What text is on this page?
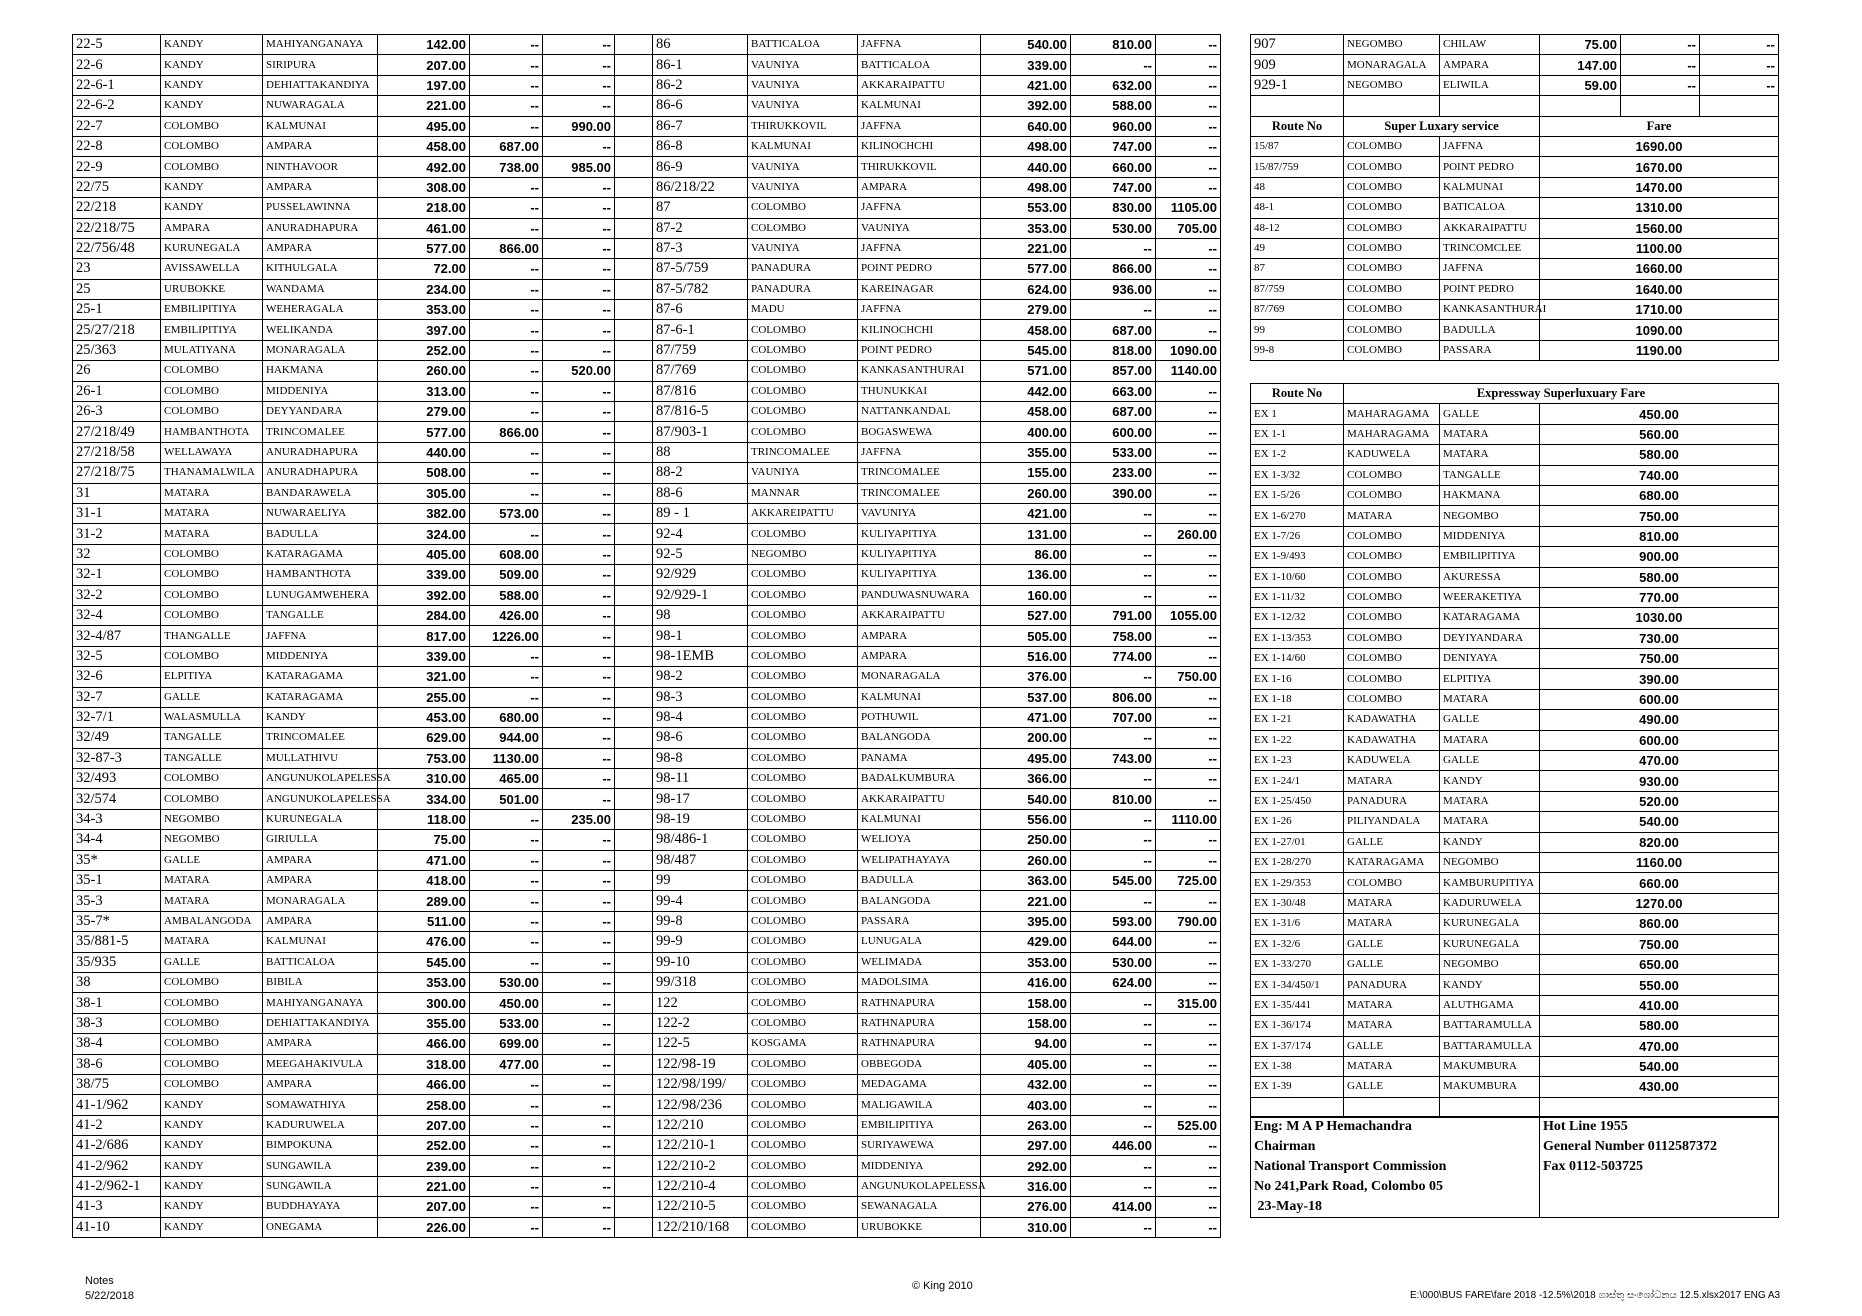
22-5	KANDY	MAHIYANGANAYA	142.00	--	--	
22-6	KANDY	SIRIPURA	207.00	--	--	
22-6-1	KANDY	DEHIATTAKANDIYA	197.00	--	--	
22-6-2	KANDY	NUWARAGALA	221.00	--	--	
22-7	COLOMBO	KALMUNAI	495.00	--	990.00	
22-8	COLOMBO	AMPARA	458.00	687.00	--	
22-9	COLOMBO	NINTHAVOOR	492.00	738.00	985.00	
22/75	KANDY	AMPARA	308.00	--	--	
22/218	KANDY	PUSSELAWINNA	218.00	--	--	
22/218/75	AMPARA	ANURADHAPURA	461.00	--	--	
22/756/48	KURUNEGALA	AMPARA	577.00	866.00	--	
23	AVISSAWELLA	KITHULGALA	72.00	--	--	
25	URUBOKKE	WANDAMA	234.00	--	--	
25-1	EMBILIPITIYA	WEHERAGALA	353.00	--	--	
25/27/218	EMBILIPITIYA	WELIKANDA	397.00	--	--	
25/363	MULATIYANA	MONARAGALA	252.00	--	--	
26	COLOMBO	HAKMANA	260.00	--	520.00	
26-1	COLOMBO	MIDDENIYA	313.00	--	--	
26-3	COLOMBO	DEYYANDARA	279.00	--	--	
27/218/49	HAMBANTHOTA	TRINCOMALEE	577.00	866.00	--	
27/218/58	WELLAWAYA	ANURADHAPURA	440.00	--	--	
27/218/75	THANAMALWILA	ANURADHAPURA	508.00	--	--	
31	MATARA	BANDARAWELA	305.00	--	--	
31-1	MATARA	NUWARAELIYA	382.00	573.00	--	
31-2	MATARA	BADULLA	324.00	--	--	
32	COLOMBO	KATARAGAMA	405.00	608.00	--	
32-1	COLOMBO	HAMBANTHOTA	339.00	509.00	--	
32-2	COLOMBO	LUNUGAMWEHERA	392.00	588.00	--	
32-4	COLOMBO	TANGALLE	284.00	426.00	--	
32-4/87	THANGALLE	JAFFNA	817.00	1226.00	--	
32-5	COLOMBO	MIDDENIYA	339.00	--	--	
32-6	ELPITIYA	KATARAGAMA	321.00	--	--	
32-7	GALLE	KATARAGAMA	255.00	--	--	
32-7/1	WALASMULLA	KANDY	453.00	680.00	--	
32/49	TANGALLE	TRINCOMALEE	629.00	944.00	--	
32-87-3	TANGALLE	MULLATHIVU	753.00	1130.00	--	
32/493	COLOMBO	ANGUNUKOLAPELESSA	310.00	465.00	--	
32/574	COLOMBO	ANGUNUKOLAPELESSA	334.00	501.00	--	
34-3	NEGOMBO	KURUNEGALA	118.00	--	235.00	
34-4	NEGOMBO	GIRIULLA	75.00	--	--	
35*	GALLE	AMPARA	471.00	--	--	
35-1	MATARA	AMPARA	418.00	--	--	
35-3	MATARA	MONARAGALA	289.00	--	--	
35-7*	AMBALANGODA	AMPARA	511.00	--	--	
35/881-5	MATARA	KALMUNAI	476.00	--	--	
35/935	GALLE	BATTICALOA	545.00	--	--	
38	COLOMBO	BIBILA	353.00	530.00	--	
38-1	COLOMBO	MAHIYANGANAYA	300.00	450.00	--	
38-3	COLOMBO	DEHIATTAKANDIYA	355.00	533.00	--	
38-4	COLOMBO	AMPARA	466.00	699.00	--	
38-6	COLOMBO	MEEGAHAKIVULA	318.00	477.00	--	
38/75	COLOMBO	AMPARA	466.00	--	--	
41-1/962	KANDY	SOMAWATHIYA	258.00	--	--	
41-2	KANDY	KADURUWELA	207.00	--	--	
41-2/686	KANDY	BIMPOKUNA	252.00	--	--	
41-2/962	KANDY	SUNGAWILA	239.00	--	--	
41-2/962-1	KANDY	SUNGAWILA	221.00	--	--	
41-3	KANDY	BUDDHAYAYA	207.00	--	--	
41-10	KANDY	ONEGAMA	226.00	--	--	
86	BATTICALOA	JAFFNA	540.00	810.00	--
86-1	VAUNIYA	BATTICALOA	339.00	--	--
86-2	VAUNIYA	AKKARAIPATTU	421.00	632.00	--
86-6	VAUNIYA	KALMUNAI	392.00	588.00	--
86-7	THIRUKKOVIL	JAFFNA	640.00	960.00	--
86-8	KALMUNAI	KILINOCHCHI	498.00	747.00	--
86-9	VAUNIYA	THIRUKKOVIL	440.00	660.00	--
86/218/22	VAUNIYA	AMPARA	498.00	747.00	--
87	COLOMBO	JAFFNA	553.00	830.00	1105.00
87-2	COLOMBO	VAUNIYA	353.00	530.00	705.00
87-3	VAUNIYA	JAFFNA	221.00	--	--
87-5/759	PANADURA	POINT PEDRO	577.00	866.00	--
87-5/782	PANADURA	KAREINAGAR	624.00	936.00	--
87-6	MADU	JAFFNA	279.00	--	--
87-6-1	COLOMBO	KILINOCHCHI	458.00	687.00	--
87/759	COLOMBO	POINT PEDRO	545.00	818.00	1090.00
87/769	COLOMBO	KANKASANTHURAI	571.00	857.00	1140.00
87/816	COLOMBO	THUNUKKAI	442.00	663.00	--
87/816-5	COLOMBO	NATTANKANDAL	458.00	687.00	--
87/903-1	COLOMBO	BOGASWEWA	400.00	600.00	--
88	TRINCOMALEE	JAFFNA	355.00	533.00	--
88-2	VAUNIYA	TRINCOMALEE	155.00	233.00	--
88-6	MANNAR	TRINCOMALEE	260.00	390.00	--
89 - 1	AKKAREIPATTU	VAVUNIYA	421.00	--	--
92-4	COLOMBO	KULIYAPITIYA	131.00	--	260.00
92-5	NEGOMBO	KULIYAPITIYA	86.00	--	--
92/929	COLOMBO	KULIYAPITIYA	136.00	--	--
92/929-1	COLOMBO	PANDUWASNUWARA	160.00	--	--
98	COLOMBO	AKKARAIPATTU	527.00	791.00	1055.00
98-1	COLOMBO	AMPARA	505.00	758.00	--
98-1EMB	COLOMBO	AMPARA	516.00	774.00	--
98-2	COLOMBO	MONARAGALA	376.00	--	750.00
98-3	COLOMBO	KALMUNAI	537.00	806.00	--
98-4	COLOMBO	POTHUWIL	471.00	707.00	--
98-6	COLOMBO	BALANGODA	200.00	--	--
98-8	COLOMBO	PANAMA	495.00	743.00	--
98-11	COLOMBO	BADALKUMBURA	366.00	--	--
98-17	COLOMBO	AKKARAIPATTU	540.00	810.00	--
98-19	COLOMBO	KALMUNAI	556.00	--	1110.00
98/486-1	COLOMBO	WELIOYA	250.00	--	--
98/487	COLOMBO	WELIPATHAYAYA	260.00	--	--
99	COLOMBO	BADULLA	363.00	545.00	725.00
99-4	COLOMBO	BALANGODA	221.00	--	--
99-8	COLOMBO	PASSARA	395.00	593.00	790.00
99-9	COLOMBO	LUNUGALA	429.00	644.00	--
99-10	COLOMBO	WELIMADA	353.00	530.00	--
99/318	COLOMBO	MADOLSIMA	416.00	624.00	--
122	COLOMBO	RATHNAPURA	158.00	--	315.00
122-2	COLOMBO	RATHNAPURA	158.00	--	--
122-5	KOSGAMA	RATHNAPURA	94.00	--	--
122/98-19	COLOMBO	OBBEGODA	405.00	--	--
122/98/199/	COLOMBO	MEDAGAMA	432.00	--	--
122/98/236	COLOMBO	MALIGAWILA	403.00	--	--
122/210	COLOMBO	EMBILIPITIYA	263.00	--	525.00
122/210-1	COLOMBO	SURIYAWEWA	297.00	446.00	--
122/210-2	COLOMBO	MIDDENIYA	292.00	--	--
122/210-4	COLOMBO	ANGUNUKOLAPELESSA	316.00	--	--
122/210-5	COLOMBO	SEWANAGALA	276.00	414.00	--
122/210/168	COLOMBO	URUBOKKE	310.00	--	--
907	NEGOMBO	CHILAW	75.00	--	--
909	MONARAGALA	AMPARA	147.00	--	--
929-1	NEGOMBO	ELIWILA	59.00	--	--

Route No	Super Luxary service		Fare		
15/87	COLOMBO	JAFFNA	1690.00		
15/87/759	COLOMBO	POINT PEDRO	1670.00		
48	COLOMBO	KALMUNAI	1470.00		
48-1	COLOMBO	BATICALOA	1310.00		
48-12	COLOMBO	AKKARAIPATTU	1560.00		
49	COLOMBO	TRINCOMCLEE	1100.00		
87	COLOMBO	JAFFNA	1660.00		
87/759	COLOMBO	POINT PEDRO	1640.00		
87/769	COLOMBO	KANKASANTHURAI	1710.00		
99	COLOMBO	BADULLA	1090.00		
99-8	COLOMBO	PASSARA	1190.00		
Route No	Expressway Superluxuary Fare		
EX 1	MAHARAGAMA	GALLE	450.00
EX 1-1	MAHARAGAMA	MATARA	560.00
EX 1-2	KADUWELA	MATARA	580.00
EX 1-3/32	COLOMBO	TANGALLE	740.00
EX 1-5/26	COLOMBO	HAKMANA	680.00
EX 1-6/270	MATARA	NEGOMBO	750.00
EX 1-7/26	COLOMBO	MIDDENIYA	810.00
EX 1-9/493	COLOMBO	EMBILIPITIYA	900.00
EX 1-10/60	COLOMBO	AKURESSA	580.00
EX 1-11/32	COLOMBO	WEERAKETIYA	770.00
EX 1-12/32	COLOMBO	KATARAGAMA	1030.00
EX 1-13/353	COLOMBO	DEYIYANDARA	730.00
EX 1-14/60	COLOMBO	DENIYAYA	750.00
EX 1-16	COLOMBO	ELPITIYA	390.00
EX 1-18	COLOMBO	MATARA	600.00
EX 1-21	KADAWATHA	GALLE	490.00
EX 1-22	KADAWATHA	MATARA	600.00
EX 1-23	KADUWELA	GALLE	470.00
EX 1-24/1	MATARA	KANDY	930.00
EX 1-25/450	PANADURA	MATARA	520.00
EX 1-26	PILIYANDALA	MATARA	540.00
EX 1-27/01	GALLE	KANDY	820.00
EX 1-28/270	KATARAGAMA	NEGOMBO	1160.00
EX 1-29/353	COLOMBO	KAMBURUPITIYA	660.00
EX 1-30/48	MATARA	KADURUWELA	1270.00
EX 1-31/6	MATARA	KURUNEGALA	860.00
EX 1-32/6	GALLE	KURUNEGALA	750.00
EX 1-33/270	GALLE	NEGOMBO	650.00
EX 1-34/450/1	PANADURA	KANDY	550.00
EX 1-35/441	MATARA	ALUTHGAMA	410.00
EX 1-36/174	MATARA	BATTARAMULLA	580.00
EX 1-37/174	GALLE	BATTARAMULLA	470.00
EX 1-38	MATARA	MAKUMBURA	540.00
EX 1-39	GALLE	MAKUMBURA	430.00

Eng: M A P Hemachandra	Hot Line 1955
Chairman	General Number 0112587372
National Transport Commission	Fax 0112-503725
No 241,Park Road, Colombo 05	
23-May-18	
Notes
5/22/2018
© King 2010
E:\000\BUS FARE\fare 2018 -12.5%\2018 ගාස්තු සංශෝධනය 12.5.xlsx2017 ENG A3
